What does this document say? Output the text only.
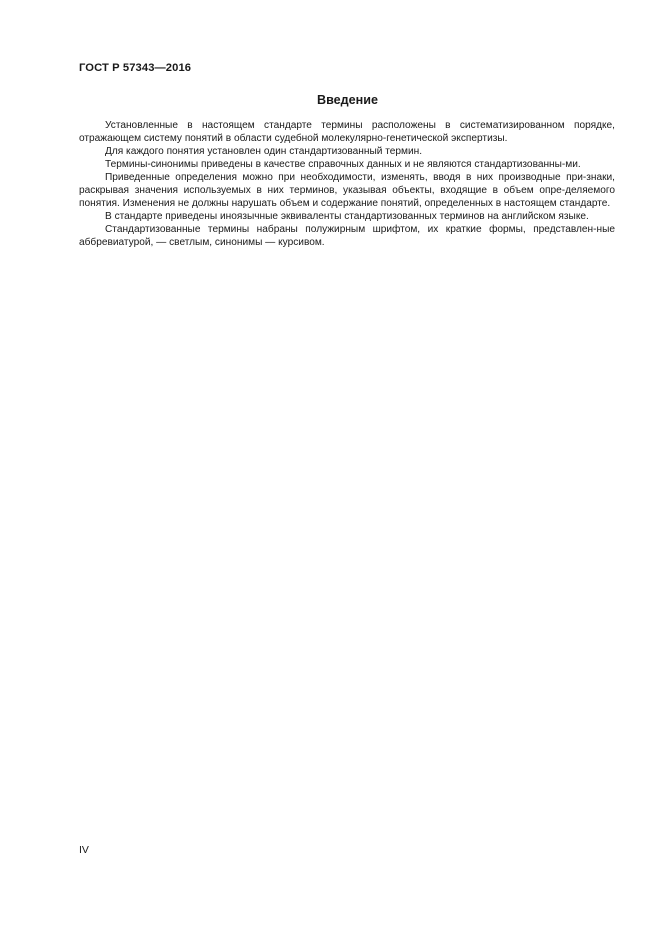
ГОСТ Р 57343—2016
Введение

Установленные в настоящем стандарте термины расположены в систематизированном порядке, отражающем систему понятий в области судебной молекулярно-генетической экспертизы.

Для каждого понятия установлен один стандартизованный термин.

Термины-синонимы приведены в качестве справочных данных и не являются стандартизованны-ми.

Приведенные определения можно при необходимости, изменять, вводя в них производные при-знаки, раскрывая значения используемых в них терминов, указывая объекты, входящие в объем опре-деляемого понятия. Изменения не должны нарушать объем и содержание понятий, определенных в настоящем стандарте.

В стандарте приведены иноязычные эквиваленты стандартизованных терминов на английском языке.

Стандартизованные термины набраны полужирным шрифтом, их краткие формы, представлен-ные аббревиатурой, — светлым, синонимы — курсивом.

IV
